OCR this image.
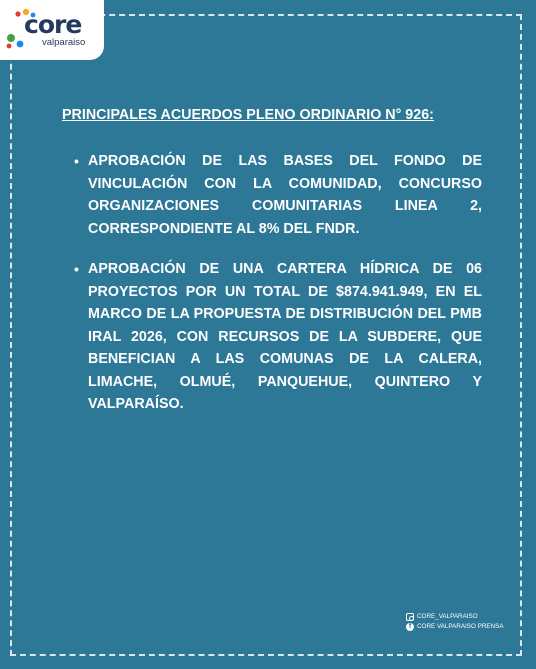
core
valparaiso
PRINCIPALES ACUERDOS PLENO ORDINARIO N° 926:
• APROBACIÓN DE LAS BASES DEL FONDO DE VINCULACIÓN CON LA COMUNIDAD, CONCURSO ORGANIZACIONES COMUNITARIAS LINEA 2, CORRESPONDIENTE AL 8% DEL FNDR.
• APROBACIÓN DE UNA CARTERA HÍDRICA DE 06 PROYECTOS POR UN TOTAL DE $874.941.949, EN EL MARCO DE LA PROPUESTA DE DISTRIBUCIÓN DEL PMB IRAL 2026, CON RECURSOS DE LA SUBDERE, QUE BENEFICIAN A LAS COMUNAS DE LA CALERA, LIMACHE, OLMUÉ, PANQUEHUE, QUINTERO Y VALPARAÍSO.
CORE_VALPARAISO
f CORE VALPARAISO PRENSA
